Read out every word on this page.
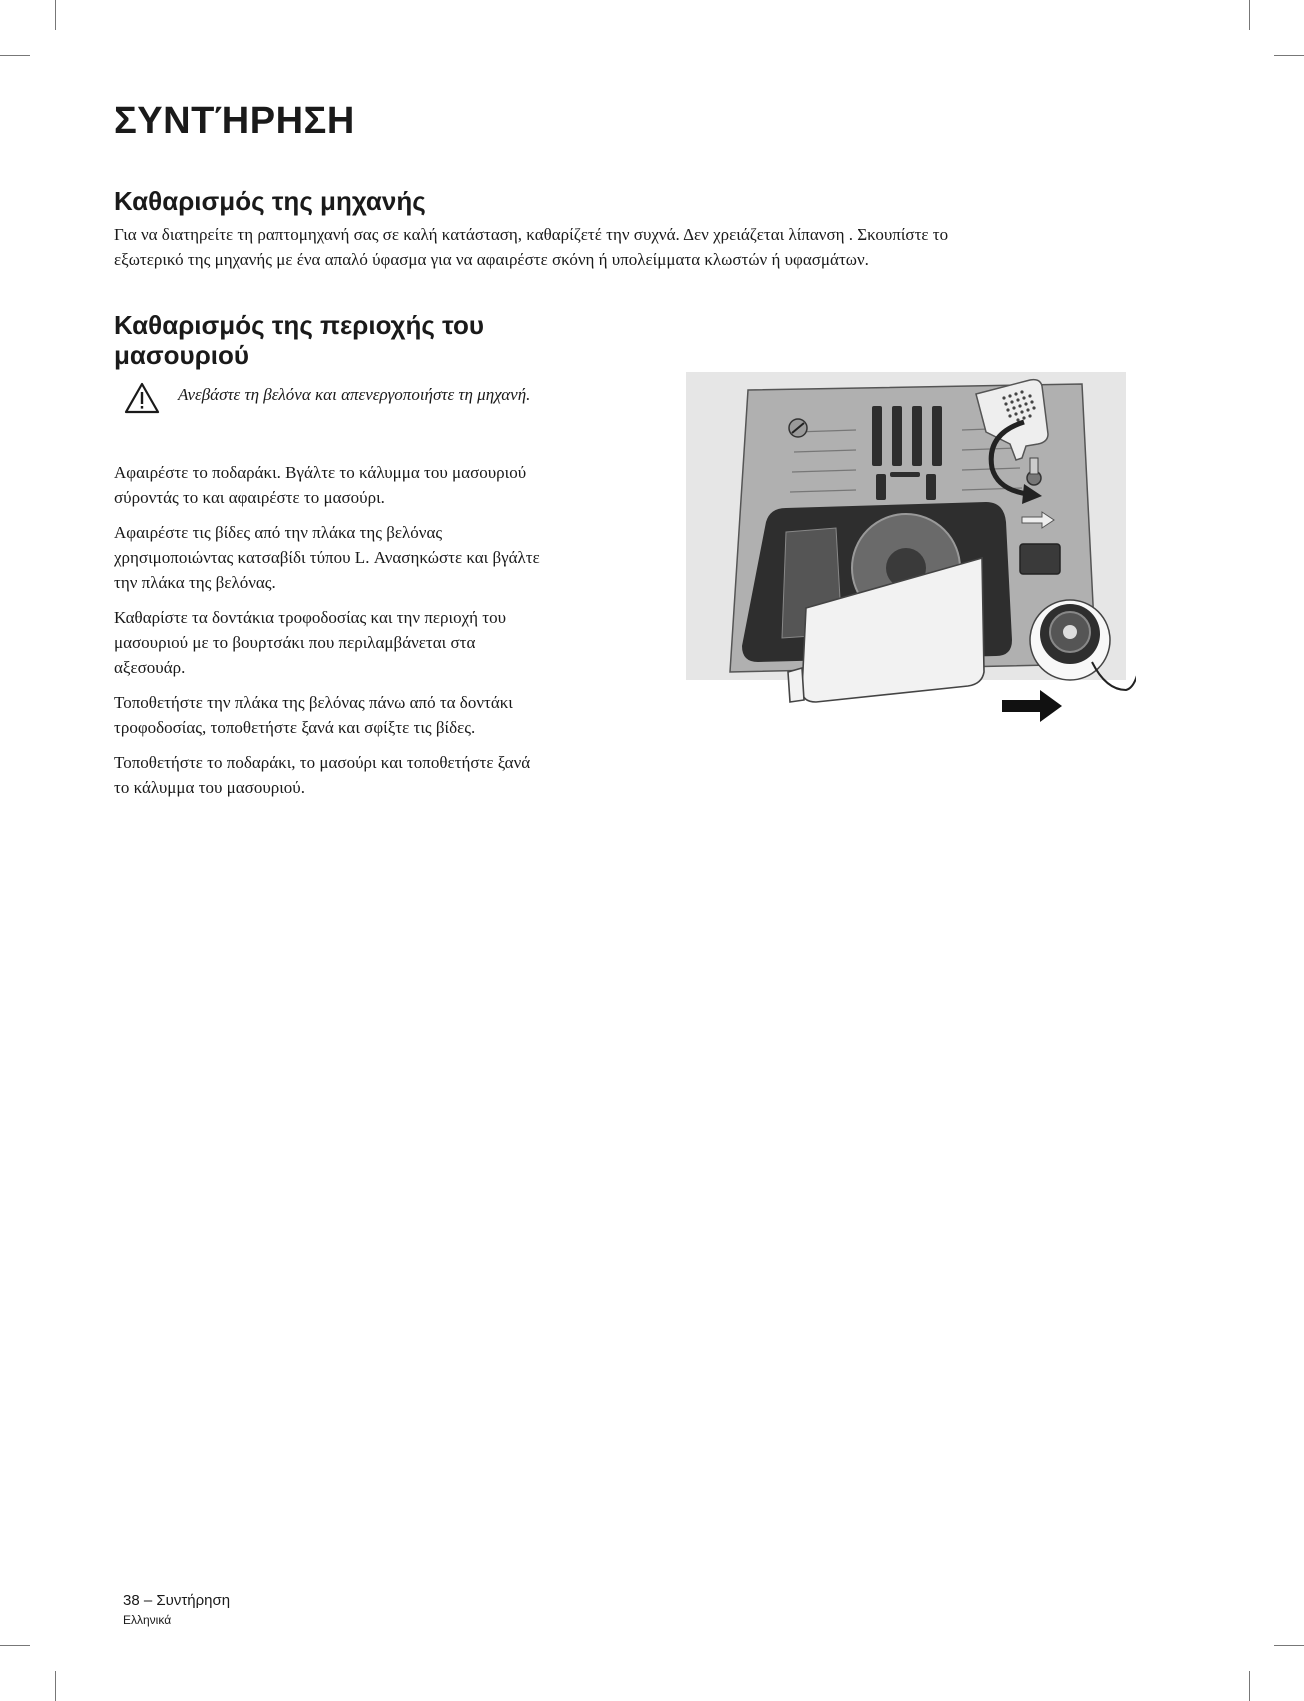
ΣΥΝΤΉΡΗΣΗ
Καθαρισμός της μηχανής

Για να διατηρείτε τη ραπτομηχανή σας σε καλή κατάσταση, καθαρίζετέ την συχνά. Δεν χρειάζεται λίπανση . Σκουπίστε το
εξωτερικό της μηχανής με ένα απαλό ύφασμα για να αφαιρέστε σκόνη ή υπολείμματα κλωστών ή υφασμάτων.

Καθαρισμός της περιοχής του
μασουριού
Ανεβάστε τη βελόνα και απενεργοποιήστε τη μηχανή.

Αφαιρέστε το ποδαράκι. Βγάλτε το κάλυμμα του μασουριού
σύροντάς το και αφαιρέστε το μασούρι.

Αφαιρέστε τις βίδες από την πλάκα της βελόνας
χρησιμοποιώντας κατσαβίδι τύπου L. Ανασηκώστε και βγάλτε
την πλάκα της βελόνας.

Καθαρίστε τα δοντάκια τροφοδοσίας και την περιοχή του
μασουριού με το βουρτσάκι που περιλαμβάνεται στα
αξεσουάρ.

Τοποθετήστε την πλάκα της βελόνας πάνω από τα δοντάκι
τροφοδοσίας, τοποθετήστε ξανά και σφίξτε τις βίδες.

Τοποθετήστε το ποδαράκι, το μασούρι και τοποθετήστε ξανά
το κάλυμμα του μασουριού.

38 – Συντήρηση
Ελληνικά
